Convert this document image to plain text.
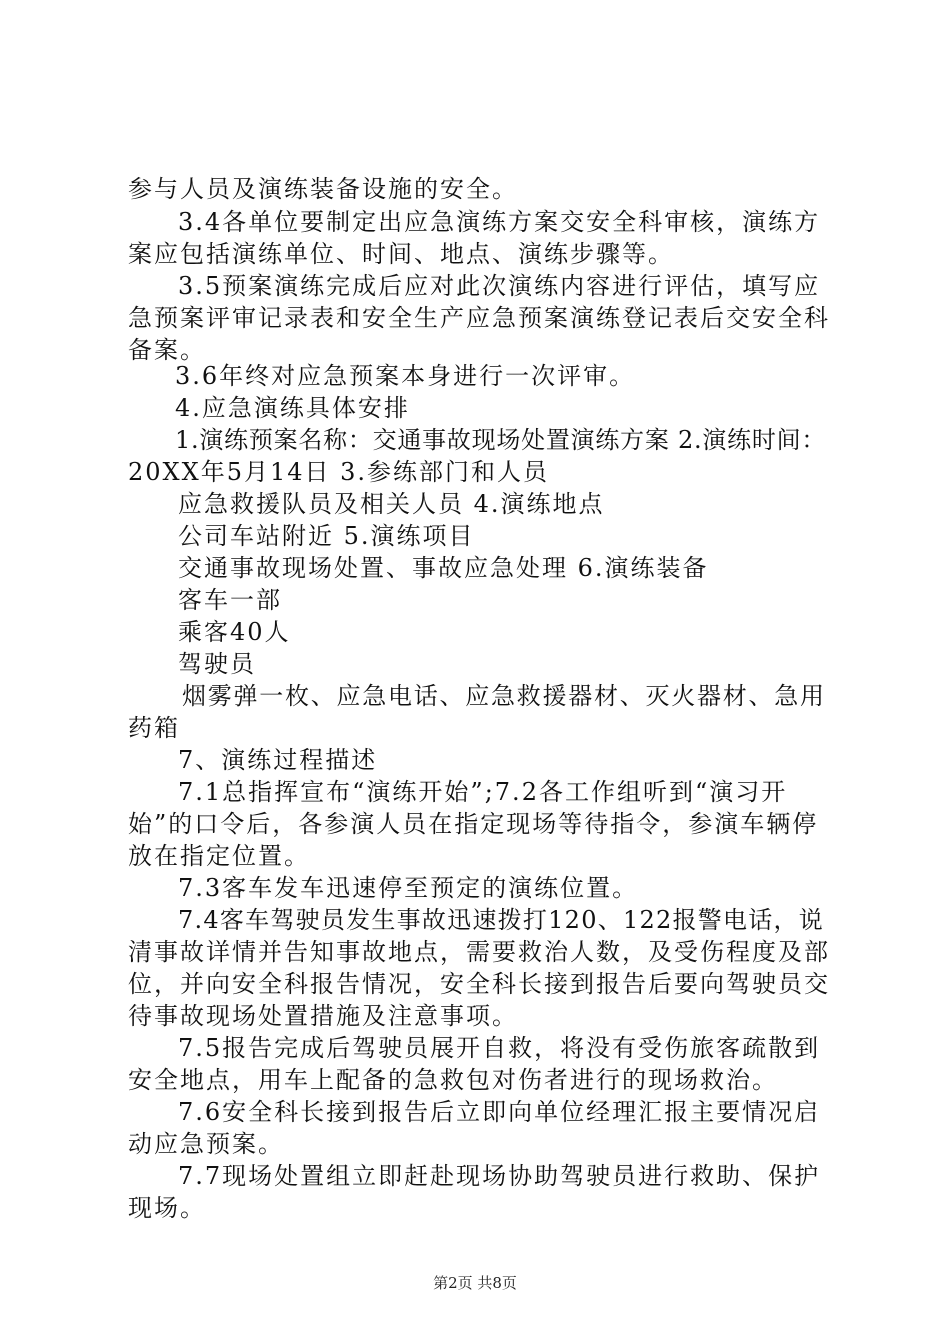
参与人员及演练装备设施的安全。
3.4各单位要制定出应急演练方案交安全科审核，演练方
案应包括演练单位、时间、地点、演练步骤等。
3.5预案演练完成后应对此次演练内容进行评估，填写应
急预案评审记录表和安全生产应急预案演练登记表后交安全科
备案。
3.6年终对应急预案本身进行一次评审。
4.应急演练具体安排
1.演练预案名称：交通事故现场处置演练方案 2.演练时间：
20XX年5月14日 3.参练部门和人员
应急救援队员及相关人员 4.演练地点
公司车站附近 5.演练项目
交通事故现场处置、事故应急处理 6.演练装备
客车一部
乘客40人
驾驶员
烟雾弹一枚、应急电话、应急救援器材、灭火器材、急用
药箱
7、演练过程描述
7.1总指挥宣布“演练开始”;7.2各工作组听到“演习开
始”的口令后，各参演人员在指定现场等待指令，参演车辆停
放在指定位置。
7.3客车发车迅速停至预定的演练位置。
7.4客车驾驶员发生事故迅速拨打120、122报警电话，说
清事故详情并告知事故地点，需要救治人数，及受伤程度及部
位，并向安全科报告情况，安全科长接到报告后要向驾驶员交
待事故现场处置措施及注意事项。
7.5报告完成后驾驶员展开自救，将没有受伤旅客疏散到
安全地点，用车上配备的急救包对伤者进行的现场救治。
7.6安全科长接到报告后立即向单位经理汇报主要情况启
动应急预案。
7.7现场处置组立即赶赴现场协助驾驶员进行救助、保护
现场。
第2页 共8页
